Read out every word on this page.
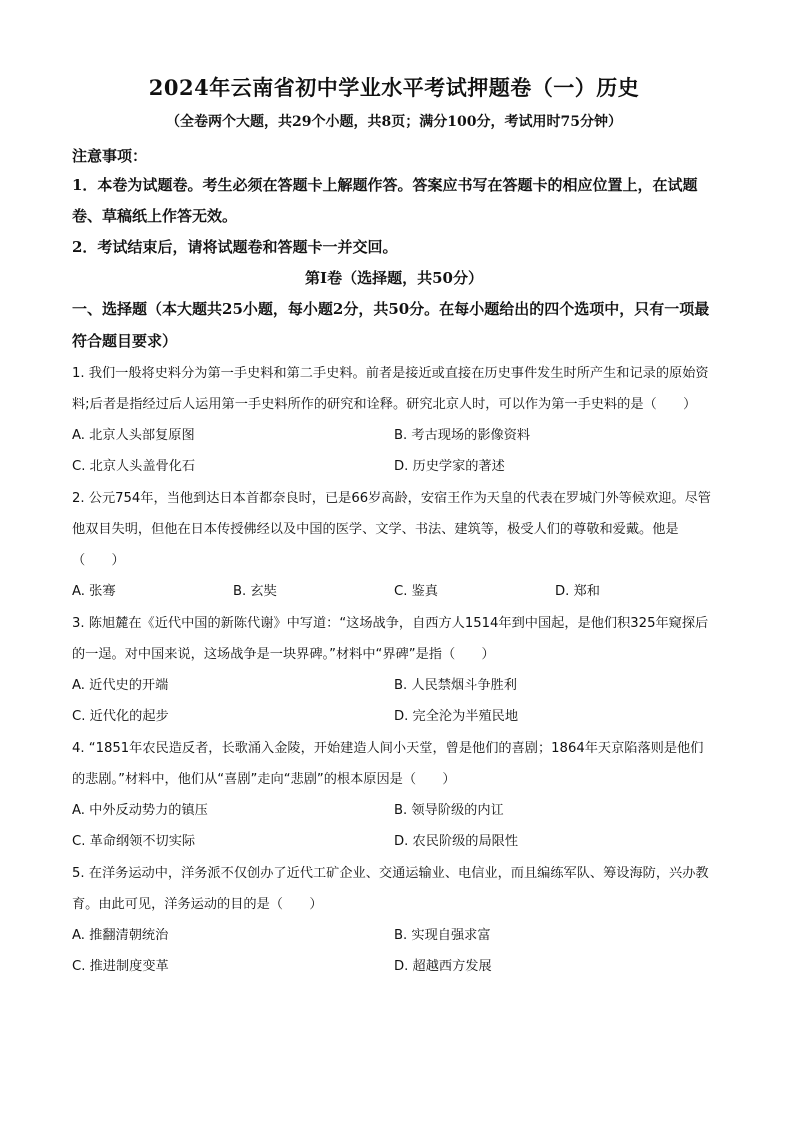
2024年云南省初中学业水平考试押题卷（一）历史
（全卷两个大题，共29个小题，共8页；满分100分，考试用时75分钟）
注意事项：
1．本卷为试题卷。考生必须在答题卡上解题作答。答案应书写在答题卡的相应位置上，在试题卷、草稿纸上作答无效。
2．考试结束后，请将试题卷和答题卡一并交回。
第Ⅰ卷（选择题，共50分）
一、选择题（本大题共25小题，每小题2分，共50分。在每小题给出的四个选项中，只有一项最符合题目要求）
1. 我们一般将史料分为第一手史料和第二手史料。前者是接近或直接在历史事件发生时所产生和记录的原始资料;后者是指经过后人运用第一手史料所作的研究和诠释。研究北京人时，可以作为第一手史料的是（　　）
A. 北京人头部复原图	B. 考古现场的影像资料
C. 北京人头盖骨化石	D. 历史学家的著述
2. 公元754年，当他到达日本首都奈良时，已是66岁高龄，安宿王作为天皇的代表在罗城门外等候欢迎。尽管他双目失明，但他在日本传授佛经以及中国的医学、文学、书法、建筑等，极受人们的尊敬和爱戴。他是（　　）
A. 张骞	B. 玄奘	C. 鉴真	D. 郑和
3. 陈旭麓在《近代中国的新陈代谢》中写道：“这场战争，自西方人1514年到中国起，是他们积325年窥探后的一逞。对中国来说，这场战争是一块界碑。”材料中“界碑”是指（　　）
A. 近代史的开端	B. 人民禁烟斗争胜利
C. 近代化的起步	D. 完全沦为半殖民地
4. “1851年农民造反者，长歌涌入金陵，开始建造人间小天堂，曾是他们的喜剧；1864年天京陷落则是他们的悲剧。”材料中，他们从“喜剧”走向“悲剧”的根本原因是（　　）
A. 中外反动势力的镇压	B. 领导阶级的内讧
C. 革命纲领不切实际	D. 农民阶级的局限性
5. 在洋务运动中，洋务派不仅创办了近代工矿企业、交通运输业、电信业，而且编练军队、筹设海防，兴办教育。由此可见，洋务运动的目的是（　　）
A. 推翻清朝统治	B. 实现自强求富
C. 推进制度变革	D. 超越西方发展
